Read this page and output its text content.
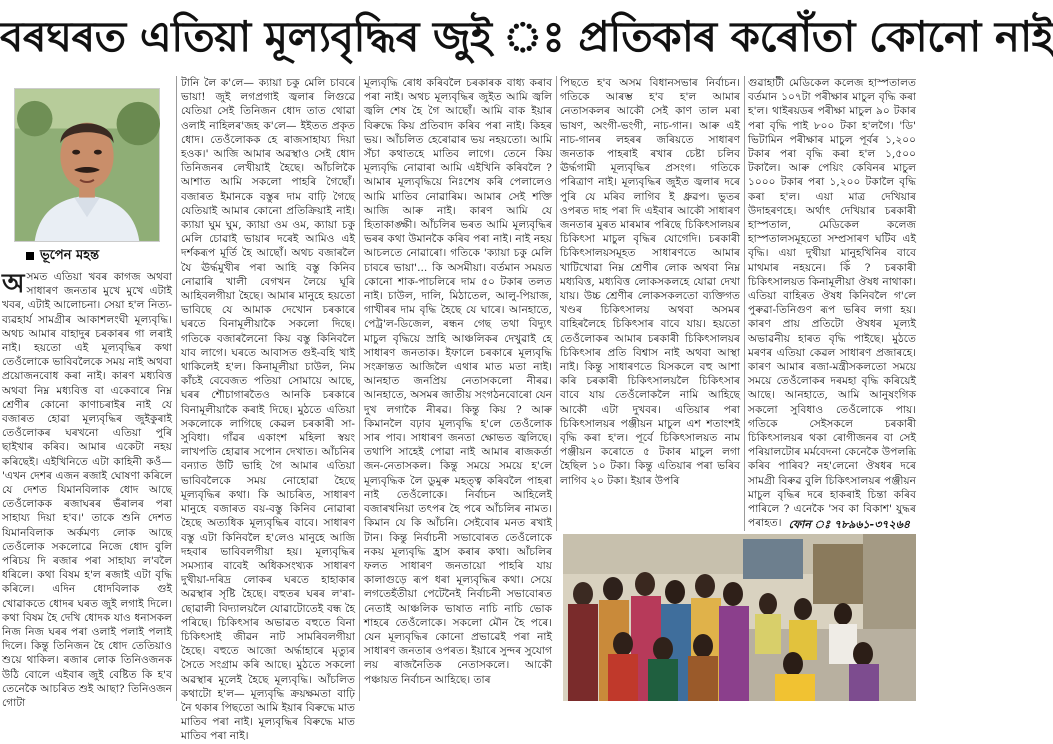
বৰঘৰত এতিয়া মূল্যবৃদ্ধিৰ জুই ঃ প্ৰতিকাৰ কৰোঁতা কোনো নাই
ভূপেন মহন্ত
অসমত এতিয়া খবৰ কাগজ অথবা সাধাৰণ জনতাৰ মুখে মুখে এটাই খবৰ, এটাই আলোচনা। সেয়া হ'ল নিত্য-ব্যৱহাৰ্য সামগ্ৰীৰ আকাশলংঘী মূল্যবৃদ্ধি। অথচ আমাৰ বাহাদুৰ চৰকাৰৰ গা লৰাই নাই। হয়তো এই মূল্যবৃদ্ধিৰ কথা তেওঁলোকে ভাবিবলৈকে সময় নাই অথবা প্ৰয়োজনবোধ কৰা নাই। কাৰণ মধ্যবিত্ত অথবা নিম্ন মধ্যবিত্ত বা একেবাৰে নিম্ন শ্ৰেণীৰ কোনো কাণাচৰাইৰ নাই যে বজাৰত হোৱা মূল্যবৃদ্ধিৰ জুইকুৰাই তেওঁলোকৰ ঘৰখনো এতিয়া পুৰি ছাইখাৰ কৰিব। আমাৰ একেটা নহয় কৰিছেই। এইখিনিতে এটা কাহিনী কওঁ— 'এখন দেশৰ এজন ৰজাই ঘোষণা কৰিলে যে দেশত যিমানবিলাক ধোদ আছে তেওঁলোকক ৰজাঘৰৰ ভঁৰালৰ পৰা সাহায্য দিয়া হ'ব।' তাকে শুনি দেশত যিমানবিলাক অৰ্কমণ্য লোক আছে তেওঁলোক সকলোৱে নিজে ধোদ বুলি পৰিচয় দি ৰজাৰ পৰা সাহায্য ল'বলৈ ধৰিলে। কথা বিষম হ'ল ৰজাই এটা বৃদ্ধি কৰিলে। এদিন ধোদবিলাক গুই খোৱাকতে ধোদৰ ঘৰত জুই লগাই দিলে। কথা বিষম হৈ দেখি ধোদক যাও ধনাসকল নিজ নিজ ঘৰৰ পৰা ওলাই পলাই পলাই দিলে। কিন্তু তিনিজন হৈ ধোদ তেতিয়াও শুয়ে থাকিল। ৰজাৰ লোক তিনিওজনক উঠি বোলে এইবাৰ জুই বেষ্টিত কি হ'ব তেনেকৈ আচৰিত শুই আছা? তিনিওজন গোটা

টানি লৈ ক'লে— ক্যায়া চকু মেলি চাবৰে ভায়া! জুই লগপ্ৰগাই জ্বলাৰ লিগুৱে যেতিয়া সেই তিনিজন ধোদ তাত থোৱা ওলাই নাহিলৰ'জহ ক'লে— ইইতত প্ৰকৃত ধোদ। তেওঁলোকক হে ৰাজসাহায্য দিয়া হওক।' আজি আমাৰ অৱস্থাও সেই ধোদ তিনিজনৰ লেখীয়াই হৈছে। আঁচলিকৈ আশাত আমি সকলো পাহৰি গৈছোঁ। বজাৰত ইমানকে বস্তুৰ দাম বাঢ়ি গৈছে যেতিয়াই আমাৰ কোনো প্ৰতিক্ৰিয়াই নাই। ক্যায়া ঘুম ঘুম, ক্যায়া ওম ওম, ক্যায়া চকু মেলি চোৱাই ভায়াৰ দৰেই আমিও এই দৰ্শকৰূপ মূৰ্তি হৈ আছোঁ। অথচ বজাৰলৈ যৈ ঊৰ্দ্ধমুখীৰ পৰা আহি বস্তু কিনিব নোৱাৰি খালী বেগখন লৈয়ে ঘূৰি আহিবলগীয়া হৈছে। আমাৰ মানুহে হয়তো ভাবিছে যে আমাক দেখোন চৰকাৰে ঘৰতে বিনামূলীয়াকৈ সকলো দিছে। গতিকে বজাৰলৈনো কিয় বস্তু কিনিবলৈ যাব লাগে। ঘৰতে আবাসত গুই-বহি খাই থাকিলেই হ'ল। কিনামূলীয়া চাউল, নিম কাঁচই বেবেজত পতিয়া সোমায়ে আছে, ঘৰৰ শৌচাগাৰতৈও আনকি চৰকাৰে বিনামূলীয়াকৈ কৰাই দিছে। মুঠতে এতিয়া সকলোকে লাগিছে কেৱল চৰকাৰী সা-সুবিধা। গাঁৱৰ একাংশ মহিলা স্বয়ং লাখপতি হোৱাৰ সপোন দেখাত। আঁচনিৰ বন্যাত উটি ভাহি গৈ আমাৰ এতিয়া ভাবিবলৈকে সময় নোহোৱা হৈছে মূল্যবৃদ্ধিৰ কথা। কি আচৰিত, সাধাৰণ মানুহে বজাৰত বয়-বস্তু কিনিব নোৱাৰা হৈছে অত্যধিক মূল্যবৃদ্ধিৰ বাবে। সাধাৰণ বস্তু এটা কিনিবলৈ হ'লেও মানুহে আজি দহবাৰ ভাবিবলগীয়া হয়। মূল্যবৃদ্ধিৰ সমস্যাৰ বাবেই অধিকসংখ্যক সাধাৰণ দুখীয়া-দৰিদ্ৰ লোকৰ ঘৰতে হাহাকাৰ অৱস্থাৰ সৃষ্টি হৈছে। বহুতৰ ঘৰৰ ল'ৰা-ছোৱালী বিদ্যালয়লৈ যোৱাটোতেই বন্ধ হৈ পৰিছে। চিকিৎসাৰ অভাৱত বহুতে বিনা চিকিৎসাই জীৱন নাট সামৰিবলগীয়া হৈছে। বহুতে আজো অৰ্দ্ধাহাৰে মৃত্যুৰ সৈতে সংগ্ৰাম কৰি আছে। মুঠতে সকলো অৱস্থাৰ মূলেই হৈছে মূল্যবৃদ্ধি। আঁচলিত কথাটো হ'ল— মূল্যবৃদ্ধি ক্ৰয়ক্ষমতা বাঢ়ি নৈ থকাৰ পিছতো আমি ইয়াৰ বিৰুদ্ধে মাত মাতিব পৰা নাই। মূল্যবৃদ্ধিৰ বিৰুদ্ধে মাত মাতিব পৰা নাই।

মূল্যবৃদ্ধি ৰোধ কৰিবলৈ চৰকাৰক বাধ্য কৰাব পৰা নাই। অথচ মূল্যবৃদ্ধিৰ জুইত আমি জ্বলি জ্বলি শেষ হৈ গৈ আছোঁ। আমি বাক ইয়াৰ বিৰুদ্ধে কিয় প্ৰতিবাদ কৰিব পৰা নাই। কিহৰ ভয়। আঁচলিত হেৰোৱাৰ ভয় নহয়তো। আমি সঁচা কথাতহে মাতিব লাগে। তেনে কিয় মূল্যবৃদ্ধি নোৱাৰা আমি এইখিনি কৰিবলৈ ? আমাৰ মূল্যবৃদ্ধিয়ে নিঃশেষ কৰি পেলালেও আমি মাতিব নোৱাৰিম। আমাৰ সেই শক্তি আজি আৰু নাই। কাৰণ আমি যে হিতাকাঙ্ক্ষী। আঁচলিৰ ভৰত আমি মূল্যবৃদ্ধিৰ ভৰৰ কথা উমানকৈ কৰিব পৰা নাই। নাই নহয় আচলতে নোৱাৰো। গতিকে 'ক্যায়া চকু মেলি চাবৰে ভায়া'... কি অসমীয়া। বৰ্তমান সময়ত কোনো শাক-পাচলিৰে দাম ৫০ টকাৰ তলত নাই। চাউল, দালি, মিঠাতেল, আলু-পিয়াজ, গাখীৰৰ দাম বৃদ্ধি হৈছে যে ঘাৰে। আনহাতে, পেট্ৰ'ল-ডিজেল, ৰন্ধন গেছ তথা বিদ্যুৎ মাচুল বৃদ্ধিয়ে স্ৰাহি আঞ্চলিকৰ দেখুৱাই হে সাধাৰণ জনতাক। ইফালে চৰকাৰে মূল্যবৃদ্ধি সংক্ৰান্তত আজিলৈ এথাৰ মাত মতা নাই। আনহাত জনপ্ৰিয় নেতাসকলো নীৰৱ। আনহাতে, অসমৰ জাতীয় সংগঠনবোৰো যেন দুখ লগাকৈ নীৰৱ। কিন্তু কিয় ? আৰু কিমানলৈ বঢ়াব মূল্যবৃদ্ধি হ'লে তেওঁলোক সাৰ পাব। সাধাৰণ জনতা ক্ষোভত জ্বলিছে। তথাপি সাহেই পোৱা নাই আমাৰ ৰাজকৰ্তা জন-নেতাসকল। কিন্তু সময়ে সময়ে হ'লে মূল্যবৃদ্ধিক লৈ ডুমুৰু মহত্ত্ব কৰিবলৈ পাহৰা নাই তেওঁলোকে। নিৰ্বাচন আহিলেই বজাৰখনিয়া তৎপৰ হৈ পৰে আঁচলিৰ নামত। কিমান যে কি আঁচনি। সেইবোৰ মনত ৰখাই টান। কিন্তু নিৰ্বাচনী সভাবোৰত তেওঁলোকে নকয় মূল্যবৃদ্ধি হ্ৰাস কৰাৰ কথা। আঁচলিৰ ফলত সাধাৰণ জনতায়ো পাহৰি যায় কালাগুড়ে ৰূপ ধৰা মূল্যবৃদ্ধিৰ কথা। সেয়ে লগতেহঁতীয়া পেটেনৈই নিৰ্বাচনী সভাবোৰত নেতাই আঞ্চলিক ভাষাত নাচি নাচি ভোক শাহৰে তেওঁলোকে। সকলো মৌন হৈ পৰে। যেন মূল্যবৃদ্ধিৰ কোনো প্ৰভাৱেই পৰা নাই সাধাৰণ জনতাৰ ওপৰত। ইয়াৰে সুন্দৰ সুযোগ লয় ৰাজনৈতিক নেতাসকলে। আকৌ পঞ্চায়ত নিৰ্বাচন আহিছে। তাৰ

পিছতে হ'ব অসম বিধানসভাৰ নিৰ্বাচন। গতিকে আৰম্ভ হ'ব হ'ল আমাৰ নেতাসকলৰ আকৌ সেই কাণ তাল মৰা ভাষণ, অংগী-ভংগী, নাচ-গান। আৰু এই নাচ-গানৰ লহৰৰ জৰিয়তে সাধাৰণ জনতাক পাহৰাই ৰখাৰ চেষ্টা চলিব ঊৰ্দ্ধগামী মূল্যবৃদ্ধিৰ প্ৰসংগ। গতিকে পৰিত্ৰাণ নাই। মূল্যবৃদ্ধিৰ জুইত জ্বলাৰ দৰে পুৰি যে মৰিব লাগিব ই ধ্ৰুৱপ। ভুতৰ ওপৰত দাহ পৰা দি এইবাৰ আকৌ সাধাৰণ জনতাৰ মুৰত মাৰমাৰ পৰিছে চিকিৎসালয়ৰ চিকিৎসা মাচুল বৃদ্ধিৰ যোগেদি। চৰকাৰী চিকিৎসালয়সমূহত সাধাৰণতে আমাৰ খাটিখোৱা নিম্ন শ্ৰেণীৰ লোক অথবা নিম্ন মধ্যবিত্ত, মধ্যবিত্ত লোকসকলহে যোৱা দেখা যায়। উচ্চ শ্ৰেণীৰ লোকসকলতো ব্যক্তিগত খণ্ডৰ চিকিৎসালয় অথবা অসমৰ বাহিৰলৈহে চিকিৎসাৰ বাবে যায়। হয়তো তেওঁলোকৰ আমাৰ চৰকাৰী চিকিৎসালয়ৰ চিকিৎসাৰ প্ৰতি বিশ্বাস নাই অথবা আস্থা নাই। কিন্তু সাধাৰণতে যিসকলে বহু আশা কৰি চৰকাৰী চিকিৎসালয়লৈ চিকিৎসাৰ বাবে যায় তেওঁলোকলৈ নামি আহিছে আকৌ এটা দুখবৰ। এতিয়াৰ পৰা চিকিৎসালয়ৰ পঞ্জীয়ন মাচুল এশ শতাংশই বৃদ্ধি কৰা হ'ল। পূৰ্বে চিকিৎসালয়ত নাম পঞ্জীয়ন কৰোতে ৫ টকাৰ মাচুল লগা হৈছিল ১০ টকা। কিন্তু এতিয়াৰ পৰা ভৰিব লাগিব ২০ টকা। ইয়াৰ উপৰি

গুৱাহাটী মেডিকেল কলেজ হাস্পতালত বৰ্তমান ১০৭টা পৰীক্ষাৰ মাচুল বৃদ্ধি কৰা হ'ল। থাইৰয়ডৰ পৰীক্ষা মাচুল ৯০ টকাৰ পৰা বৃদ্ধি পাই ৮০০ টকা হ'লগৈ। 'ডি' ভিটামিন পৰীক্ষাৰ মাচুল পূৰ্বৰ ১,২০০ টকাৰ পৰা বৃদ্ধি কৰা হ'ল ১,৫০০ টকালৈ। আৰু পেয়িং কেবিনৰ মাচুল ১০০০ টকাৰ পৰা ১,২০০ টকালৈ বৃদ্ধি কৰা হ'ল। এয়া মাত্ৰ দেখিয়াৰ উদাহৰণহে। অৰ্থাৎ দেখিয়াৰ চৰকাৰী হাস্পতাল, মেডিকেল কলেজ হাস্পতালসমূহতো সম্প্ৰসাৰণ ঘটিব এই বৃদ্ধি। এয়া দুখীয়া মানুহখিনিৰ বাবে মাথমাৰ নহয়নে। কিঁ ? চৰকাৰী চিকিৎসালয়ত কিনামূলীয়া ঔষধ নাথাকা। এতিয়া বাহিৰত ঔষধ কিনিবলৈ গ'লে পুৰুৱা-তিনিগুণ ৰূপ ভৰিব লগা হয়। কাৰণ প্ৰায় প্ৰতিটো ঔষধৰ মূল্যই অভাৱনীয় হাৰত বৃদ্ধি পাইছে। মুঠতে মৰণৰ এতিয়া কেৱল সাধাৰণ প্ৰজাৰহে। কাৰণ আমাৰ ৰজা-মন্ত্ৰীসকলতো সময়ে সময়ে তেওঁলোকৰ দৰমহা বৃদ্ধি কৰিয়েই আছে। আনহাতে, আমি আনুষংগিক সকলো সুবিধাও তেওঁলোকে পায়। গতিকে সেইসকলে চৰকাৰী চিকিৎসালয়ৰ থকা ৰোগীজনৰ বা সেই পৰিয়ালটোৰ মৰ্মবেদনা কেনেকৈ উপলব্ধি কৰিব পাৰিব? নহ'লেনো ঔষধৰ দৰে সামগ্ৰী বিৰুৱ বুলি চিকিৎসালয়ৰ পঞ্জীয়ন মাচুল বৃদ্ধিৰ দৰে হাকৰাই চিন্তা কৰিব পাৰিলে ? এনেকৈ 'সব কা বিকাশ' যুদ্ধৰ পৰাহত। ফোন ঃ ৭৮৯৬১-৩৭২৬৪
